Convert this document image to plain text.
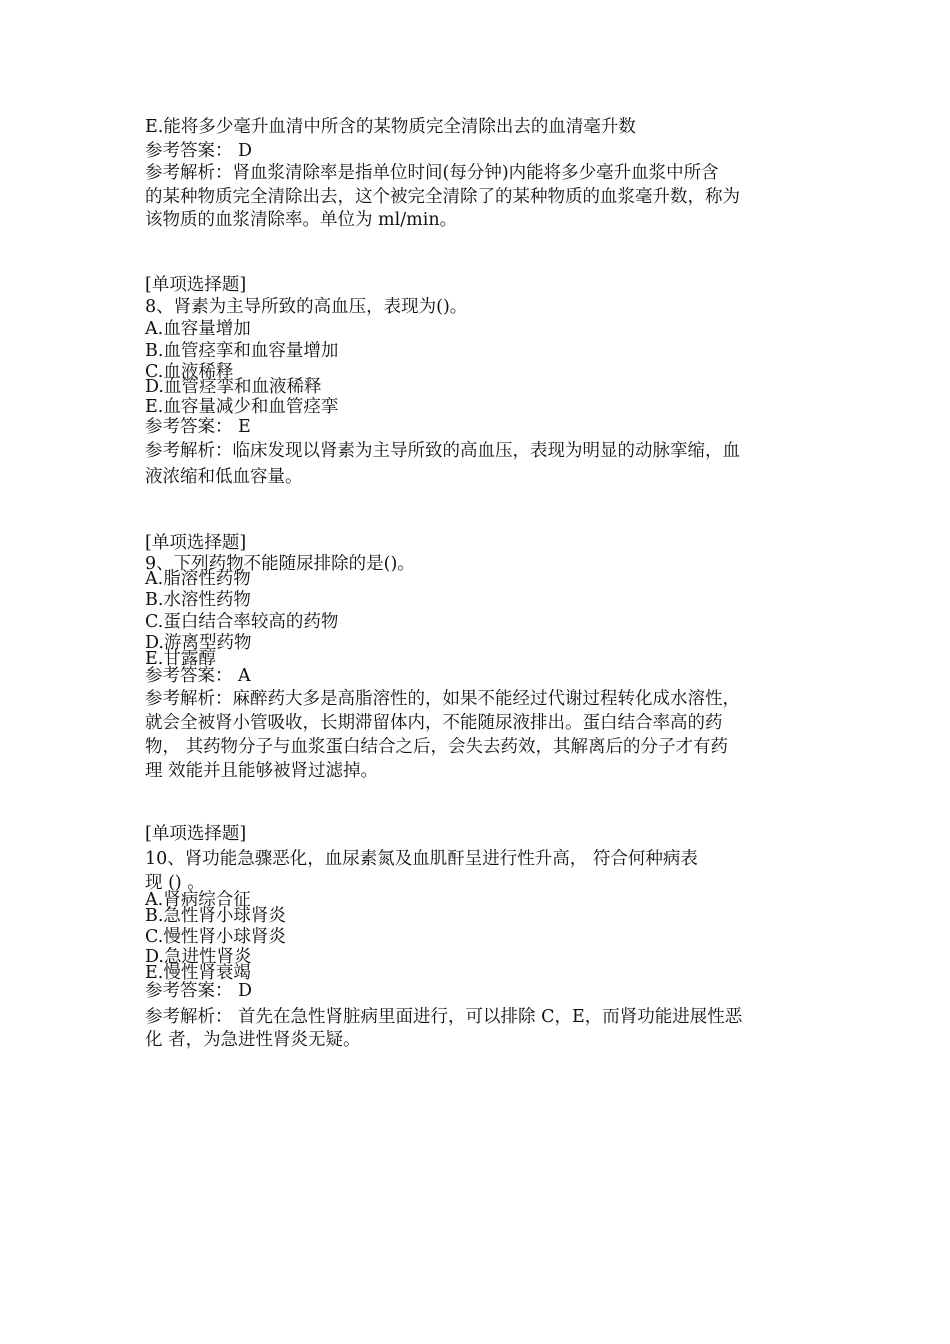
E.能将多少毫升血清中所含的某物质完全清除出去的血清毫升数
参考答案： D
参考解析：肾血浆清除率是指单位时间(每分钟)内能将多少毫升血浆中所含
的某种物质完全清除出去，这个被完全清除了的某种物质的血浆毫升数，称为
该物质的血浆清除率。单位为 ml/min。
[单项选择题]
8、肾素为主导所致的高血压，表现为()。
A.血容量增加
B.血管痉挛和血容量增加
C.血液稀释
D.血管痉挛和血液稀释
E.血容量减少和血管痉挛
参考答案： E
参考解析：临床发现以肾素为主导所致的高血压，表现为明显的动脉挛缩，血
液浓缩和低血容量。
[单项选择题]
9、下列药物不能随尿排除的是()。
A.脂溶性药物
B.水溶性药物
C.蛋白结合率较高的药物
D.游离型药物
E.甘露醇
参考答案： A
参考解析：麻醉药大多是高脂溶性的，如果不能经过代谢过程转化成水溶性，
就会全被肾小管吸收，长期滞留体内，不能随尿液排出。蛋白结合率高的药
物， 其药物分子与血浆蛋白结合之后，会失去药效，其解离后的分子才有药
理 效能并且能够被肾过滤掉。
[单项选择题]
10、肾功能急骤恶化，血尿素氮及血肌酐呈进行性升高， 符合何种病表
现 () 。
A.肾病综合征
B.急性肾小球肾炎
C.慢性肾小球肾炎
D.急进性肾炎
E.慢性肾衰竭
参考答案： D
参考解析： 首先在急性肾脏病里面进行，可以排除 C，E，而肾功能进展性恶
化 者，为急进性肾炎无疑。
